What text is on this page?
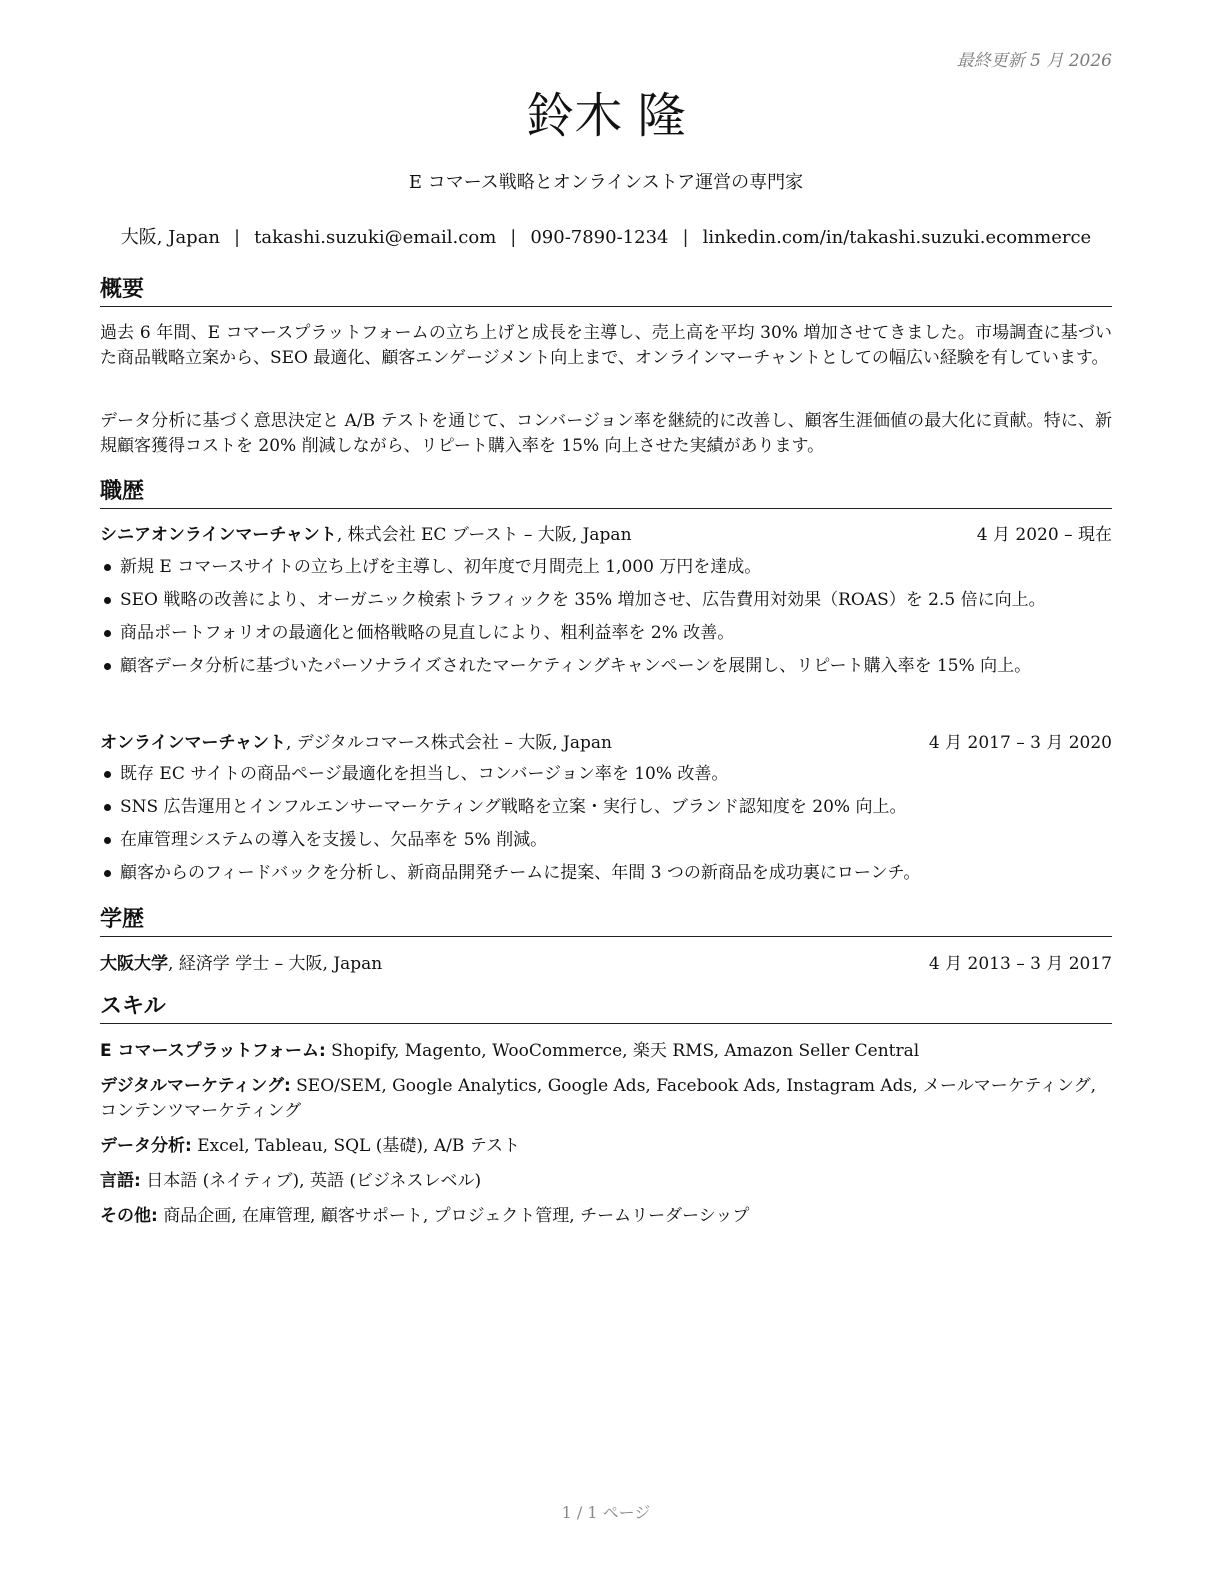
最終更新 5 月 2026
鈴木 隆
E コマース戦略とオンラインストア運営の専門家
大阪, Japan | takashi.suzuki@email.com | 090-7890-1234 | linkedin.com/in/takashi.suzuki.ecommerce
概要
過去 6 年間、E コマースプラットフォームの立ち上げと成長を主導し、売上高を平均 30% 増加させてきました。市場調査に基づいた商品戦略立案から、SEO 最適化、顧客エンゲージメント向上まで、オンラインマーチャントとしての幅広い経験を有しています。
データ分析に基づく意思決定と A/B テストを通じて、コンバージョン率を継続的に改善し、顧客生涯価値の最大化に貢献。特に、新規顧客獲得コストを 20% 削減しながら、リピート購入率を 15% 向上させた実績があります。
職歴
シニアオンラインマーチャント, 株式会社 EC ブースト – 大阪, Japan	4 月 2020 – 現在
新規 E コマースサイトの立ち上げを主導し、初年度で月間売上 1,000 万円を達成。
SEO 戦略の改善により、オーガニック検索トラフィックを 35% 増加させ、広告費用対効果（ROAS）を 2.5 倍に向上。
商品ポートフォリオの最適化と価格戦略の見直しにより、粗利益率を 2% 改善。
顧客データ分析に基づいたパーソナライズされたマーケティングキャンペーンを展開し、リピート購入率を 15% 向上。
オンラインマーチャント, デジタルコマース株式会社 – 大阪, Japan	4 月 2017 – 3 月 2020
既存 EC サイトの商品ページ最適化を担当し、コンバージョン率を 10% 改善。
SNS 広告運用とインフルエンサーマーケティング戦略を立案・実行し、ブランド認知度を 20% 向上。
在庫管理システムの導入を支援し、欠品率を 5% 削減。
顧客からのフィードバックを分析し、新商品開発チームに提案、年間 3 つの新商品を成功裏にローンチ。
学歴
大阪大学, 経済学 学士 – 大阪, Japan	4 月 2013 – 3 月 2017
スキル
E コマースプラットフォーム: Shopify, Magento, WooCommerce, 楽天 RMS, Amazon Seller Central
デジタルマーケティング: SEO/SEM, Google Analytics, Google Ads, Facebook Ads, Instagram Ads, メールマーケティング, コンテンツマーケティング
データ分析: Excel, Tableau, SQL (基礎), A/B テスト
言語: 日本語 (ネイティブ), 英語 (ビジネスレベル)
その他: 商品企画, 在庫管理, 顧客サポート, プロジェクト管理, チームリーダーシップ
1 / 1 ページ
